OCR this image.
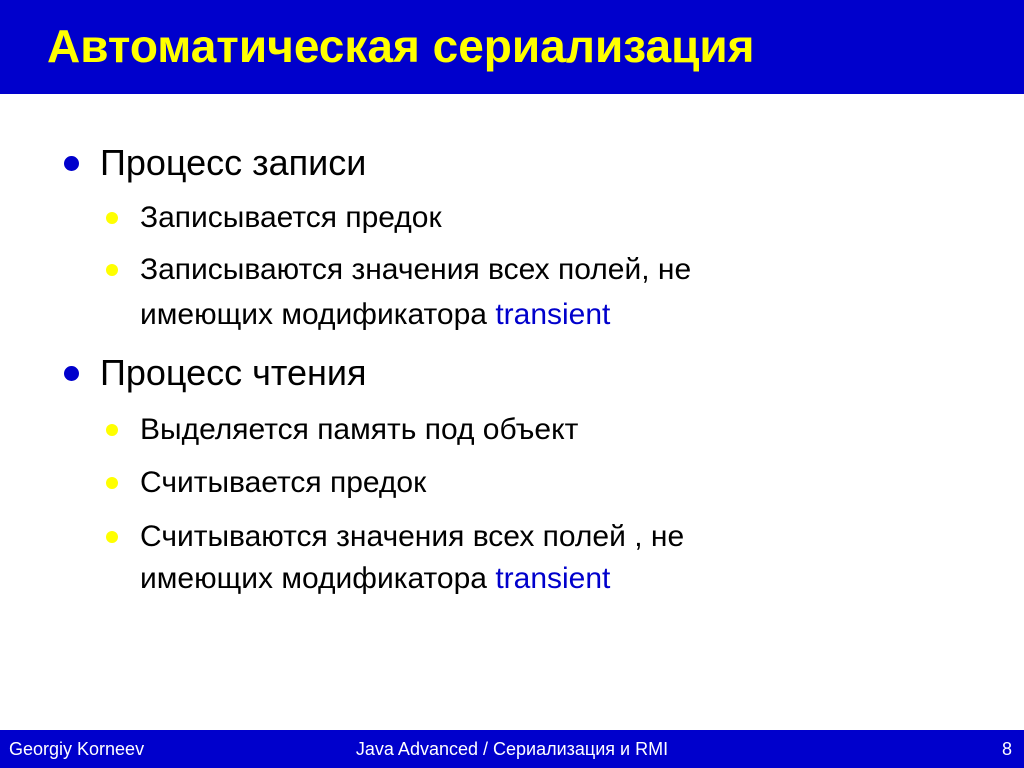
Автоматическая сериализация
Процесс записи
Записывается предок
Записываются значения всех полей, не
имеющих модификатора transient
Процесс чтения
Выделяется память под объект
Считывается предок
Считываются значения всех полей , не
имеющих модификатора transient
Georgiy Korneev	Java Advanced / Сериализация и RMI	8
